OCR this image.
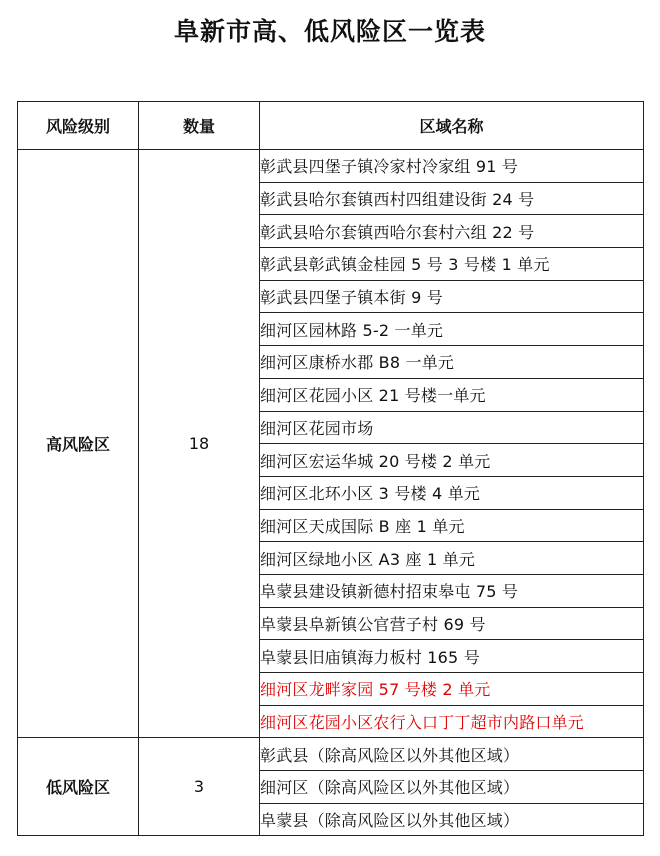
阜新市高、低风险区一览表
风险级别	数量	区域名称
高风险区	18	彰武县四堡子镇冷家村冷家组 91 号
		彰武县哈尔套镇西村四组建设街 24 号
		彰武县哈尔套镇西哈尔套村六组 22 号
		彰武县彰武镇金桂园 5 号 3 号楼 1 单元
		彰武县四堡子镇本街 9 号
		细河区园林路 5-2 一单元
		细河区康桥水郡 B8 一单元
		细河区花园小区 21 号楼一单元
		细河区花园市场
		细河区宏运华城 20 号楼 2 单元
		细河区北环小区 3 号楼 4 单元
		细河区天成国际 B 座 1 单元
		细河区绿地小区 A3 座 1 单元
		阜蒙县建设镇新德村招束皋屯 75 号
		阜蒙县阜新镇公官营子村 69 号
		阜蒙县旧庙镇海力板村 165 号
		细河区龙畔家园 57 号楼 2 单元
		细河区花园小区农行入口丁丁超市内路口单元
低风险区	3	彰武县（除高风险区以外其他区域）
		细河区（除高风险区以外其他区域）
		阜蒙县（除高风险区以外其他区域）
